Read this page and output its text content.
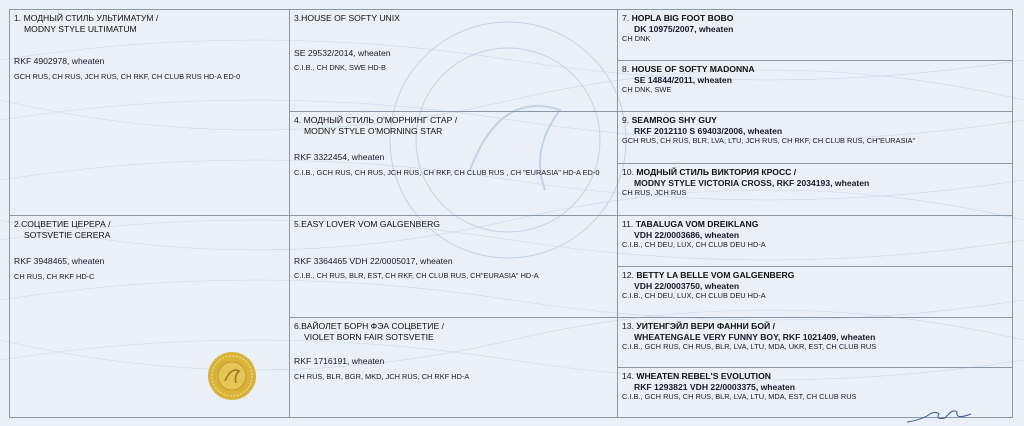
1. МОДНЫЙ СТИЛЬ УЛЬТИМАТУМ /
MODNY STYLE ULTIMATUM
RKF 4902978, wheaten
GCH RUS, CH RUS, JCH RUS, CH RKF, CH CLUB RUS HD-A ED-0	3.HOUSE OF SOFTY UNIX
SE 29532/2014, wheaten
C.I.B., CH DNK, SWE HD-B	7. HOPLA BIG FOOT BOBO
DK 10975/2007, wheaten
CH DNK

		8. HOUSE OF SOFTY MADONNA
SE 14844/2011, wheaten
CH DNK, SWE

	4. МОДНЫЙ СТИЛЬ О'МОРНИНГ СТАР /
MODNY STYLE O'MORNING STAR
RKF 3322454, wheaten
C.I.B., GCH RUS, CH RUS, JCH RUS, CH RKF, CH CLUB RUS , CH "EURASIA" HD-A ED-0	9. SEAMROG SHY GUY
RKF 2012110 S 69403/2006, wheaten
GCH RUS, CH RUS, BLR, LVA, LTU, JCH RUS, CH RKF, CH CLUB RUS, CH"EURASIA"

		10. МОДНЫЙ СТИЛЬ ВИКТОРИЯ КРОСС /
MODNY STYLE VICTORIA CROSS, RKF 2034193, wheaten
CH RUS, JCH RUS

2.СОЦВЕТИЕ ЦЕРЕРА /
SOTSVETIE CERERA
RKF 3948465, wheaten
CH RUS, CH RKF HD-C	5.EASY LOVER VOM GALGENBERG
RKF 3364465 VDH 22/0005017, wheaten
C.I.B., CH RUS, BLR, EST, CH RKF, CH CLUB RUS, CH"EURASIA" HD-A	11. TABALUGA VOM DREIKLANG
VDH 22/0003686, wheaten
C.I.B., CH DEU, LUX, CH CLUB DEU HD-A

		12. BETTY LA BELLE VOM GALGENBERG
VDH 22/0003750, wheaten
C.I.B., CH DEU, LUX, CH CLUB DEU HD-A

	6.ВАЙОЛЕТ БОРН ФЭА СОЦВЕТИЕ /
VIOLET BORN FAIR SOTSVETIE
RKF 1716191, wheaten
CH RUS, BLR, BGR, MKD, JCH RUS, CH RKF HD-A	13. УИТЕНГЭЙЛ ВЕРИ ФАННИ БОЙ /
WHEATENGALE VERY FUNNY BOY, RKF 1021409, wheaten
C.I.B., GCH RUS, CH RUS, BLR, LVA, LTU, MDA, UKR, EST, CH CLUB RUS

		14. WHEATEN REBEL'S EVOLUTION
RKF 1293821 VDH 22/0003375, wheaten
C.I.B., GCH RUS, CH RUS, BLR, LVA, LTU, MDA, EST, CH CLUB RUS
